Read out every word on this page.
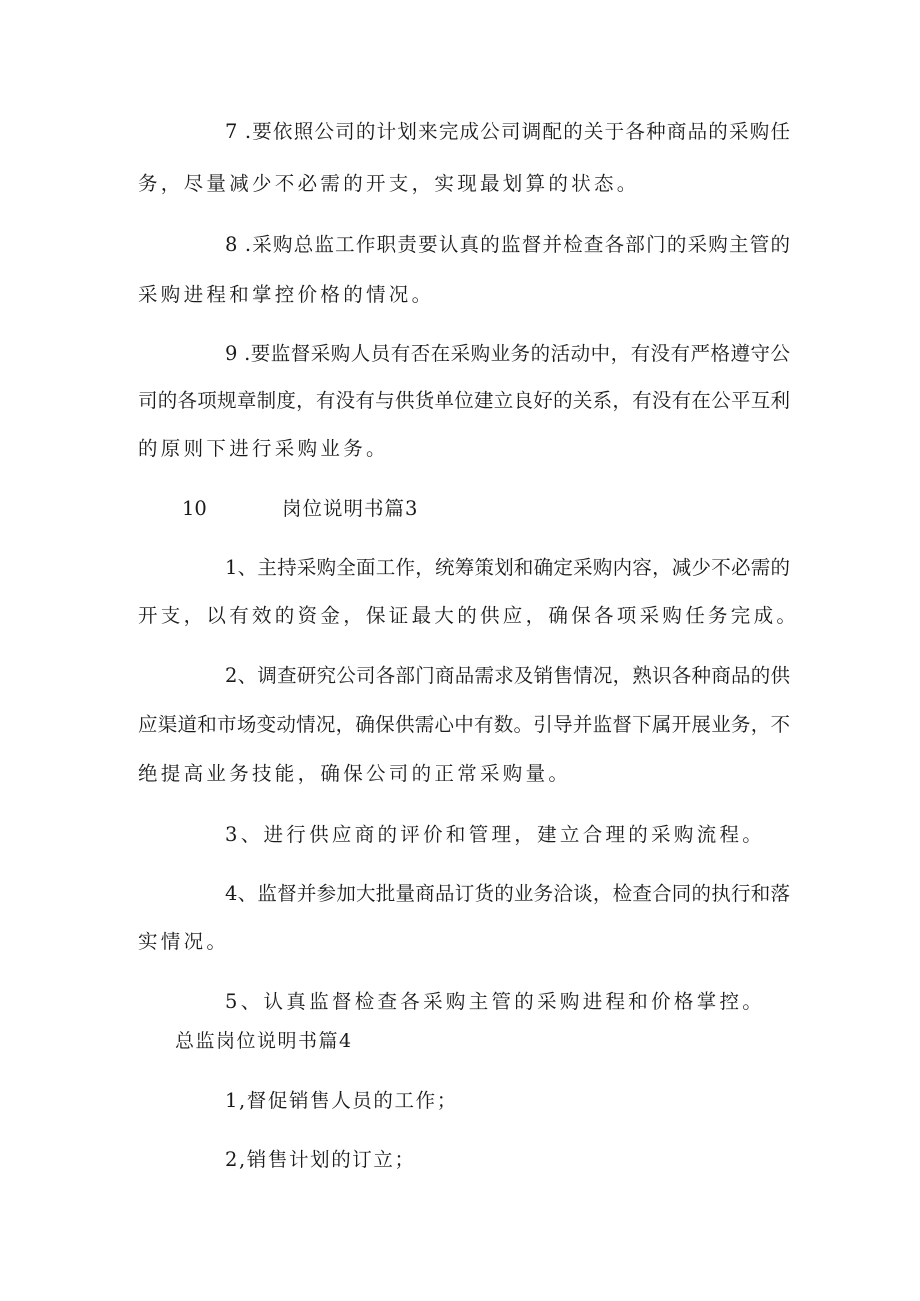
7 .要依照公司的计划来完成公司调配的关于各种商品的采购任
务，尽量减少不必需的开支，实现最划算的状态。
8 .采购总监工作职责要认真的监督并检查各部门的采购主管的
采购进程和掌控价格的情况。
9 .要监督采购人员有否在采购业务的活动中，有没有严格遵守公
司的各项规章制度，有没有与供货单位建立良好的关系，有没有在公平互利
的原则下进行采购业务。
10	岗位说明书篇3
1、主持采购全面工作，统筹策划和确定采购内容，减少不必需的
开支，以有效的资金，保证最大的供应，确保各项采购任务完成。
2、调查研究公司各部门商品需求及销售情况，熟识各种商品的供
应渠道和市场变动情况，确保供需心中有数。引导并监督下属开展业务，不
绝提高业务技能，确保公司的正常采购量。
3、进行供应商的评价和管理，建立合理的采购流程。
4、监督并参加大批量商品订货的业务洽谈，检查合同的执行和落
实情况。
5、认真监督检查各采购主管的采购进程和价格掌控。
总监岗位说明书篇4
1,督促销售人员的工作；
2,销售计划的订立；
